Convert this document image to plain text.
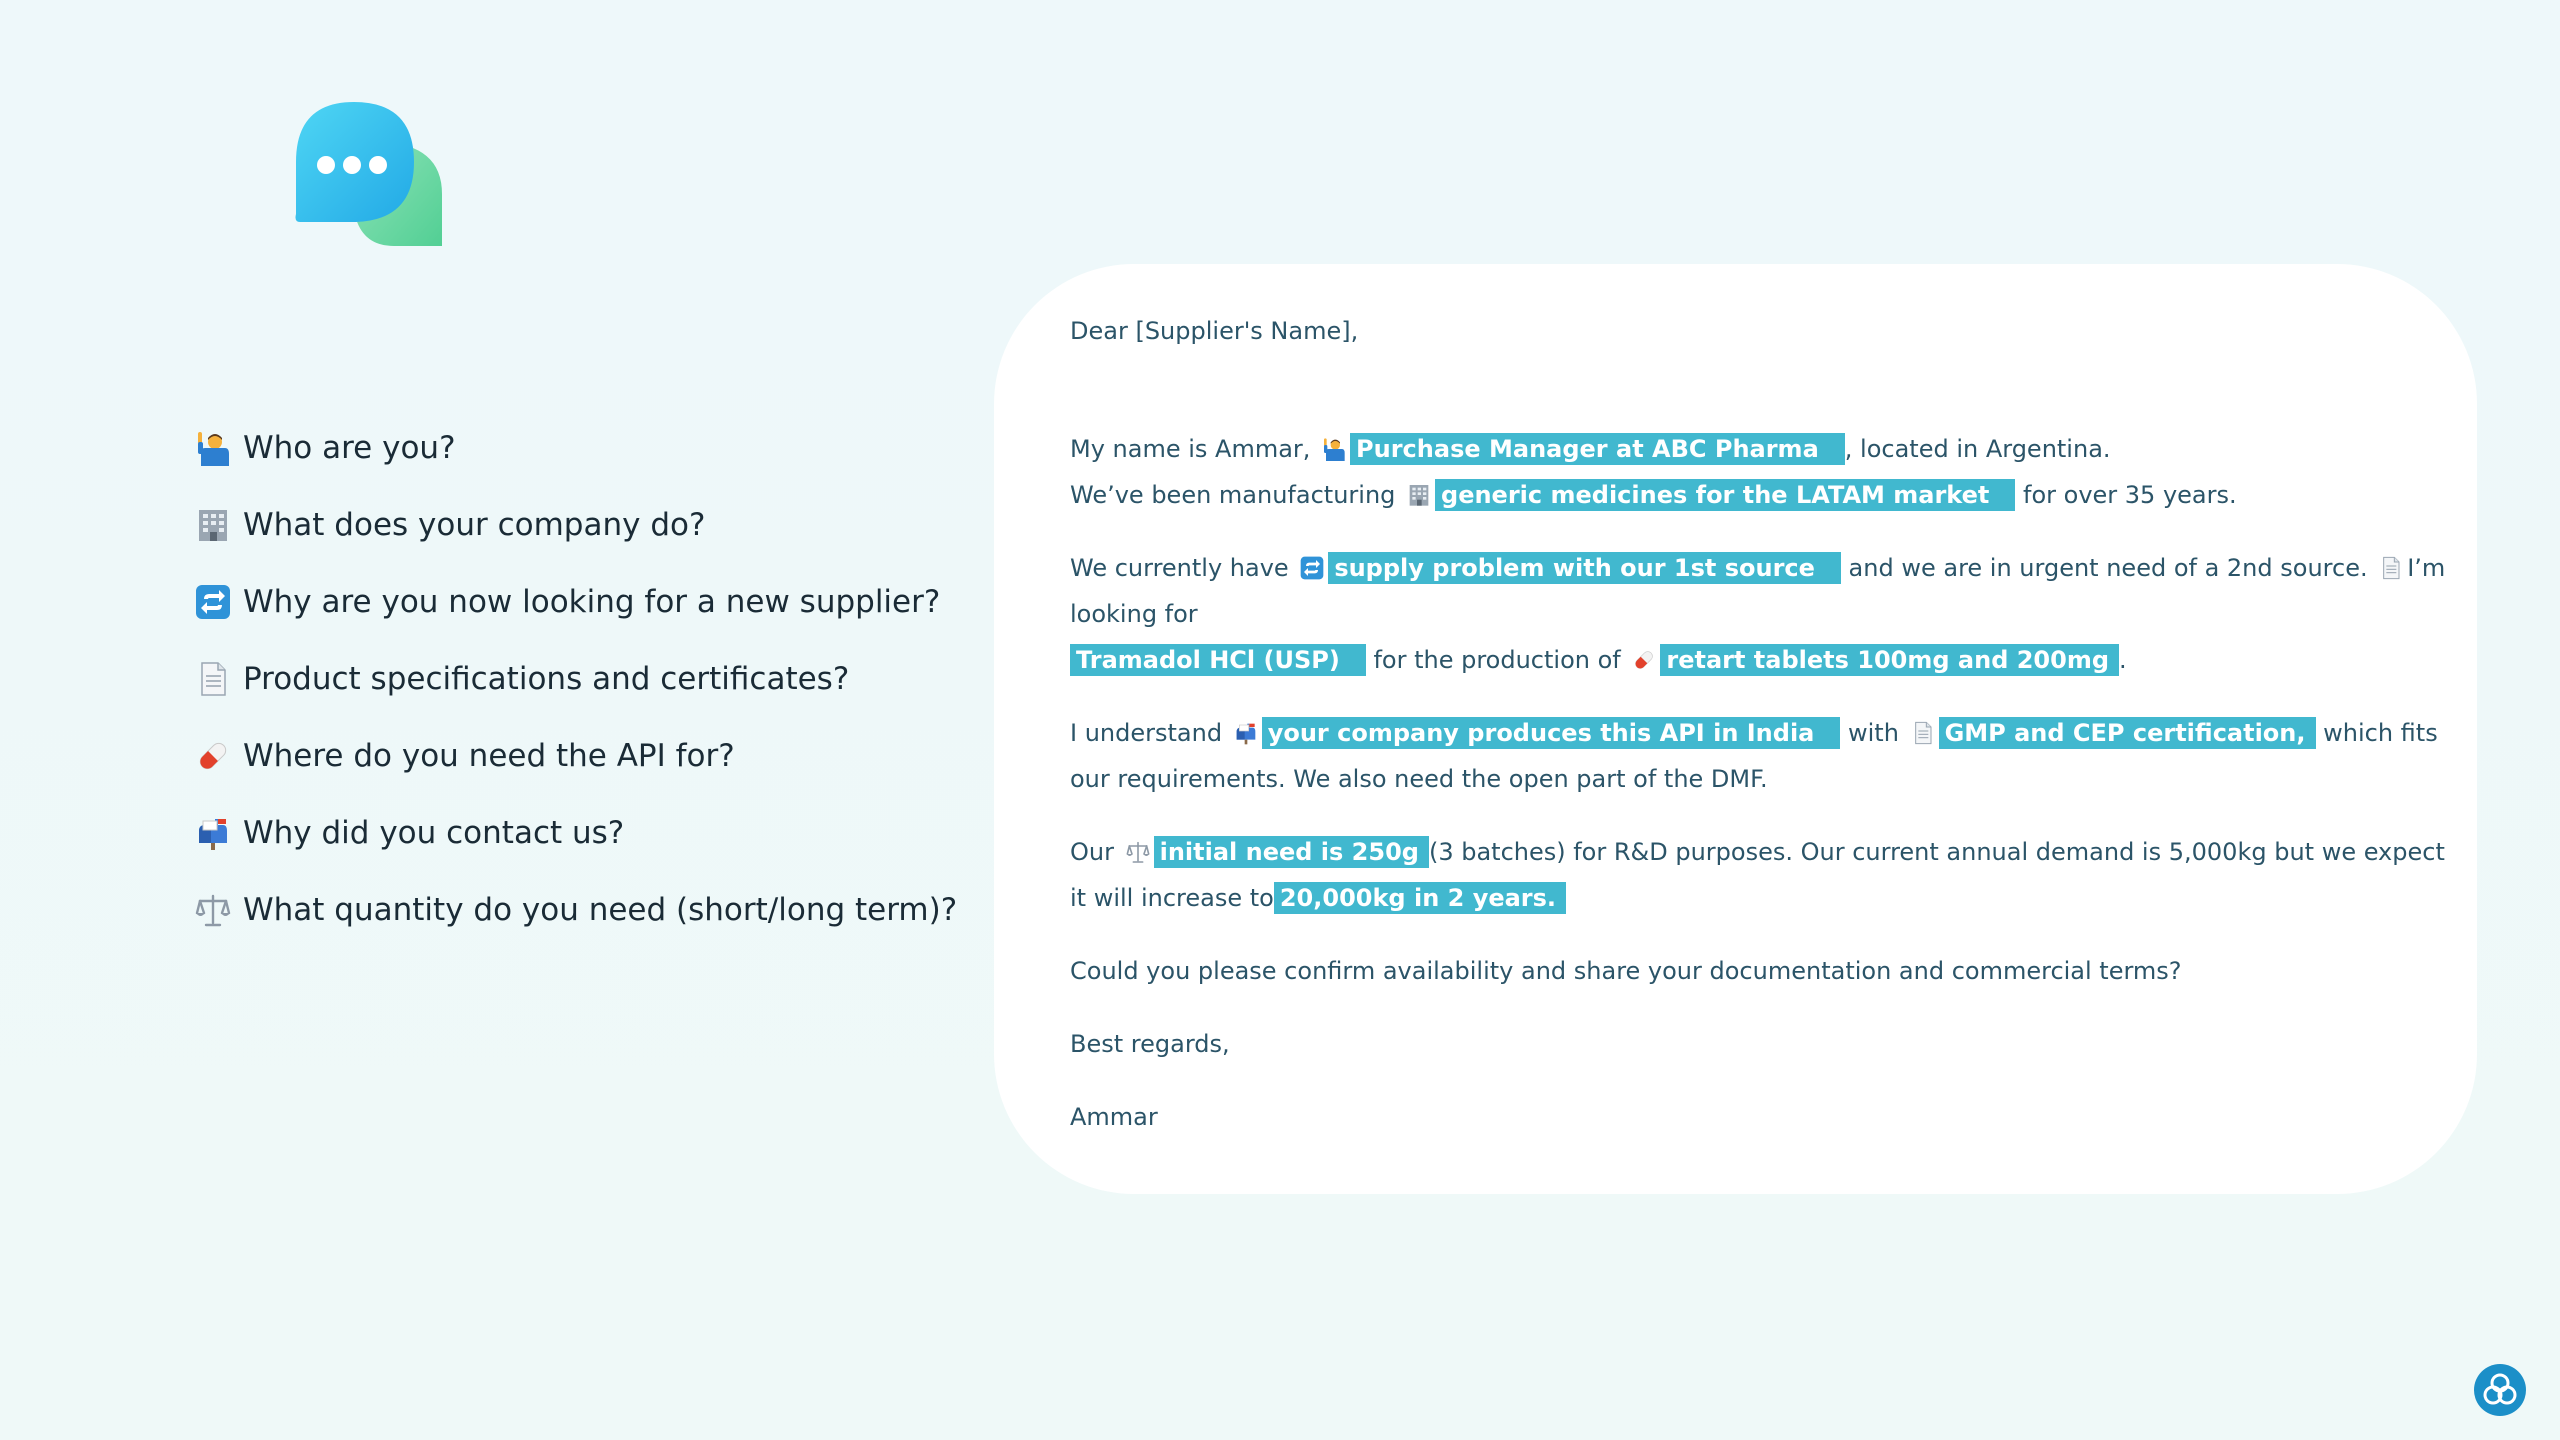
Who are you?
What does your company do?
Why are you now looking for a new supplier?
Product specifications and certificates?
Where do you need the API for?
Why did you contact us?
What quantity do you need (short/long term)?

Dear [Supplier's Name],

My name is Ammar, Purchase Manager at ABC Pharma , located in Argentina.

We’ve been manufacturing generic medicines for the LATAM market for over 35 years.

We currently have supply problem with our 1st source and we are in urgent need of a 2nd source. I’m looking for
Tramadol HCl (USP) for the production of retart tablets 100mg and 200mg .

I understand your company produces this API in India with GMP and CEP certification, which fits our requirements. We also need the open part of the DMF.

Our initial need is 250g (3 batches) for R&D purposes. Our current annual demand is 5,000kg but we expect it will increase to 20,000kg in 2 years.

Could you please confirm availability and share your documentation and commercial terms?

Best regards,

Ammar
